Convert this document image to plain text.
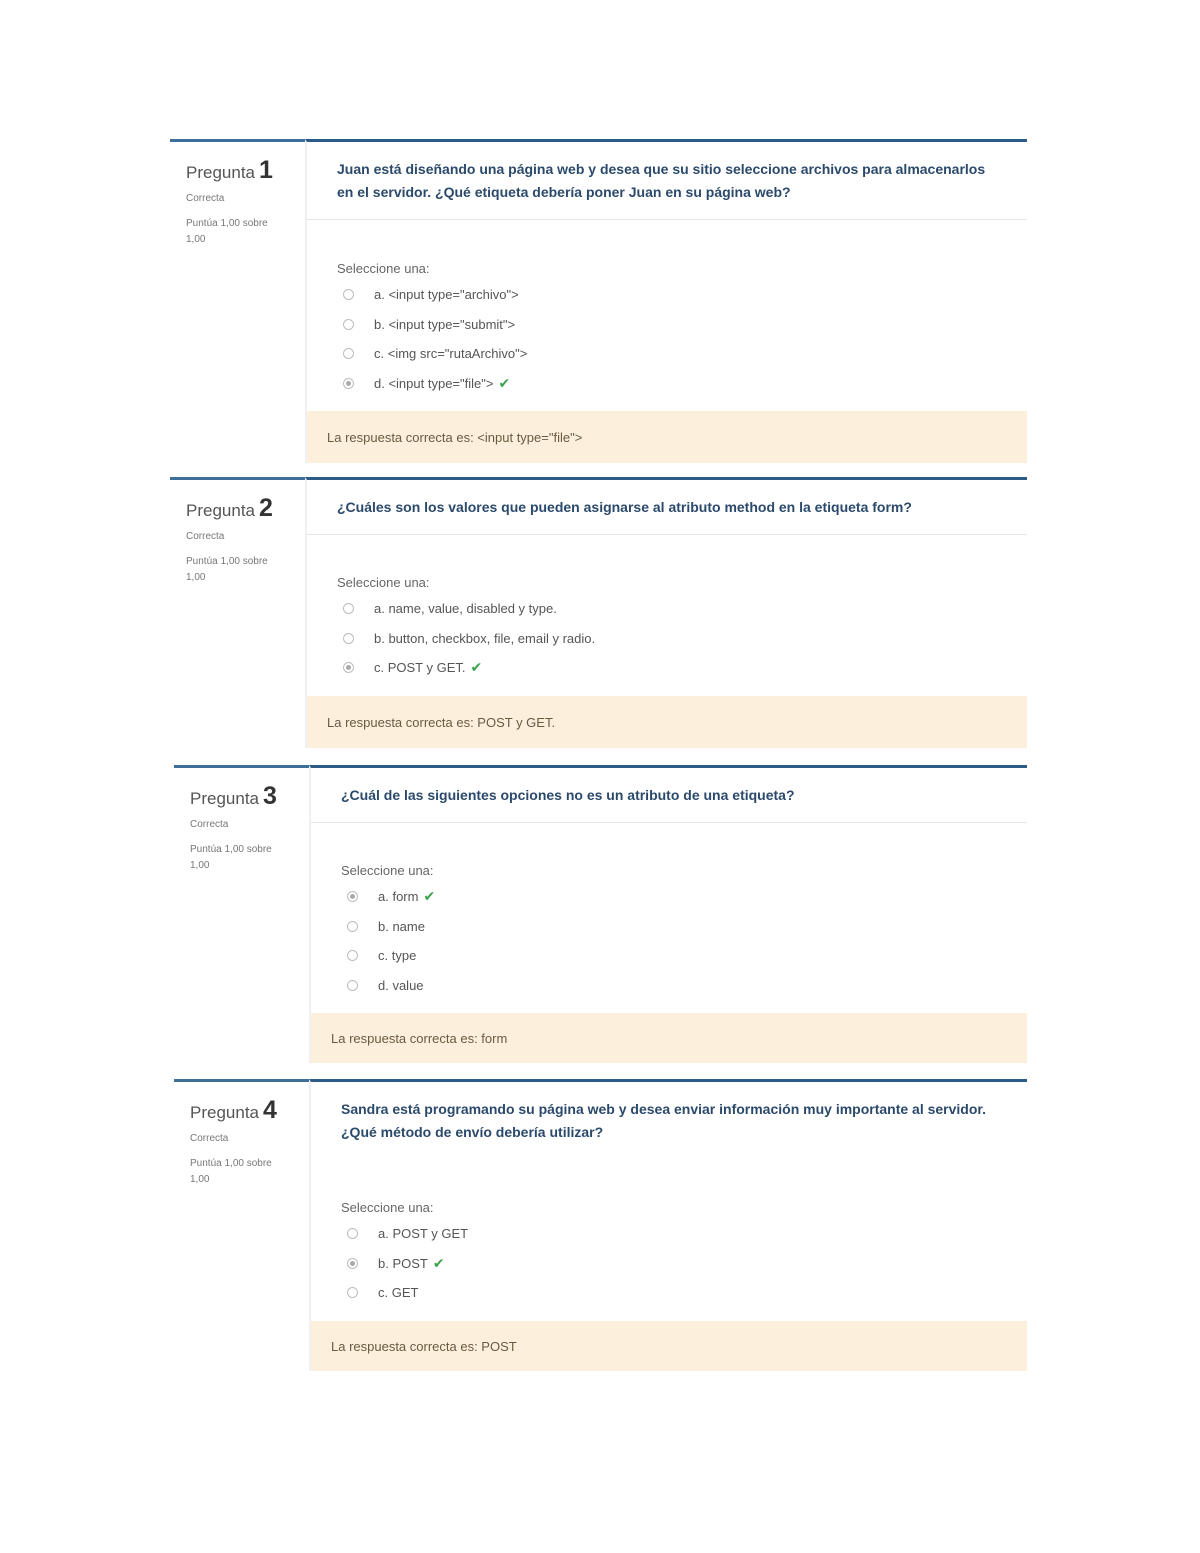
Pregunta 1
Correcta
Puntúa 1,00 sobre 1,00
Juan está diseñando una página web y desea que su sitio seleccione archivos para almacenarlos en el servidor. ¿Qué etiqueta debería poner Juan en su página web?
Seleccione una:
a. <input type="archivo">
b. <input type="submit">
c. <img src="rutaArchivo">
d. <input type="file"> ✔
La respuesta correcta es: <input type="file">
Pregunta 2
Correcta
Puntúa 1,00 sobre 1,00
¿Cuáles son los valores que pueden asignarse al atributo method en la etiqueta form?
Seleccione una:
a. name, value, disabled y type.
b. button, checkbox, file, email y radio.
c. POST y GET. ✔
La respuesta correcta es: POST y GET.
Pregunta 3
Correcta
Puntúa 1,00 sobre 1,00
¿Cuál de las siguientes opciones no es un atributo de una etiqueta?
Seleccione una:
a. form ✔
b. name
c. type
d. value
La respuesta correcta es: form
Pregunta 4
Correcta
Puntúa 1,00 sobre 1,00
Sandra está programando su página web y desea enviar información muy importante al servidor. ¿Qué método de envío debería utilizar?
Seleccione una:
a. POST y GET
b. POST ✔
c. GET
La respuesta correcta es: POST
